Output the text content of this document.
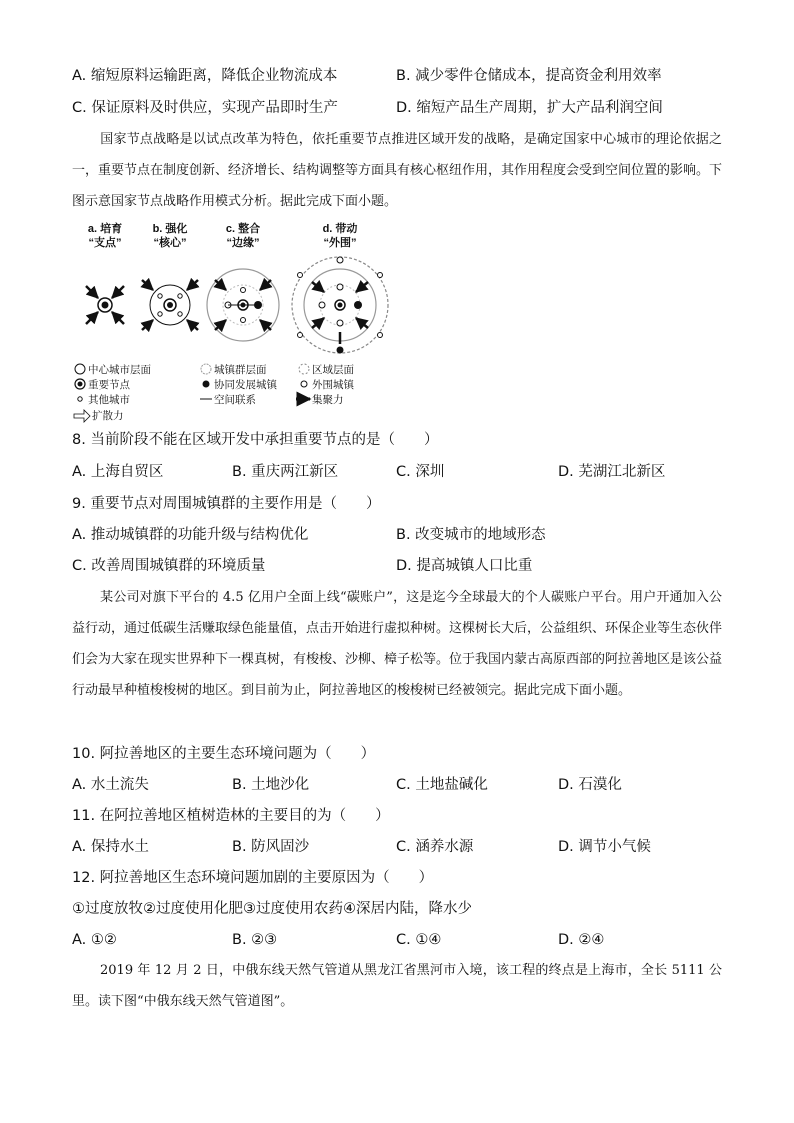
A. 缩短原料运输距离，降低企业物流成本	B. 减少零件仓储成本，提高资金利用效率
C. 保证原料及时供应，实现产品即时生产	D. 缩短产品生产周期，扩大产品利润空间
国家节点战略是以试点改革为特色，依托重要节点推进区域开发的战略，是确定国家中心城市的理论依据之一，重要节点在制度创新、经济增长、结构调整等方面具有核心枢纽作用，其作用程度会受到空间位置的影响。下图示意国家节点战略作用模式分析。据此完成下面小题。
a. 培育
“支点”
b. 强化
“核心”
c. 整合
“边缘”
d. 带动
“外围”
中心城市层面	城镇群层面	区域层面
重要节点	协同发展城镇	外围城镇
其他城市	空间联系	集聚力
扩散力
8. 当前阶段不能在区域开发中承担重要节点的是（　　）
A. 上海自贸区	B. 重庆两江新区	C. 深圳	D. 芜湖江北新区
9. 重要节点对周围城镇群的主要作用是（　　）
A. 推动城镇群的功能升级与结构优化	B. 改变城市的地域形态
C. 改善周围城镇群的环境质量	D. 提高城镇人口比重
某公司对旗下平台的 4.5 亿用户全面上线“碳账户”，这是迄今全球最大的个人碳账户平台。用户开通加入公益行动，通过低碳生活赚取绿色能量值，点击开始进行虚拟种树。这棵树长大后，公益组织、环保企业等生态伙伴们会为大家在现实世界种下一棵真树，有梭梭、沙柳、樟子松等。位于我国内蒙古高原西部的阿拉善地区是该公益行动最早种植梭梭树的地区。到目前为止，阿拉善地区的梭梭树已经被领完。据此完成下面小题。
10. 阿拉善地区的主要生态环境问题为（　　）
A. 水土流失	B. 土地沙化	C. 土地盐碱化	D. 石漠化
11. 在阿拉善地区植树造林的主要目的为（　　）
A. 保持水土	B. 防风固沙	C. 涵养水源	D. 调节小气候
12. 阿拉善地区生态环境问题加剧的主要原因为（　　）
①过度放牧②过度使用化肥③过度使用农药④深居内陆，降水少
A. ①②	B. ②③	C. ①④	D. ②④
2019 年 12 月 2 日，中俄东线天然气管道从黑龙江省黑河市入境，该工程的终点是上海市，全长 5111 公里。读下图“中俄东线天然气管道图”。
